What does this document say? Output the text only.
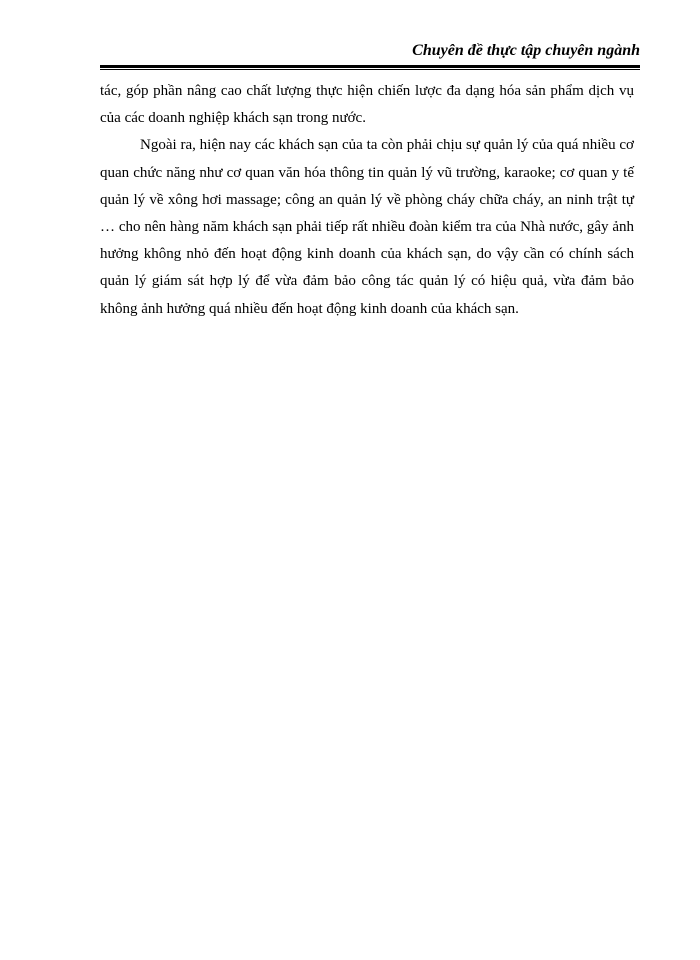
Chuyên đề thực tập chuyên ngành

tác, góp phần nâng cao chất lượng thực hiện chiến lược đa dạng hóa sản phẩm dịch vụ của các doanh nghiệp khách sạn trong nước.

Ngoài ra, hiện nay các khách sạn của ta còn phải chịu sự quản lý của quá nhiều cơ quan chức năng như cơ quan văn hóa thông tin quản lý vũ trường, karaoke; cơ quan y tế quản lý về xông hơi massage; công an quản lý về phòng cháy chữa cháy, an ninh trật tự … cho nên hàng năm khách sạn phải tiếp rất nhiều đoàn kiểm tra của Nhà nước, gây ảnh hưởng không nhỏ đến hoạt động kinh doanh của khách sạn, do vậy cần có chính sách quản lý giám sát hợp lý để vừa đảm bảo công tác quản lý có hiệu quả, vừa đảm bảo không ảnh hưởng quá nhiều đến hoạt động kinh doanh của khách sạn.
